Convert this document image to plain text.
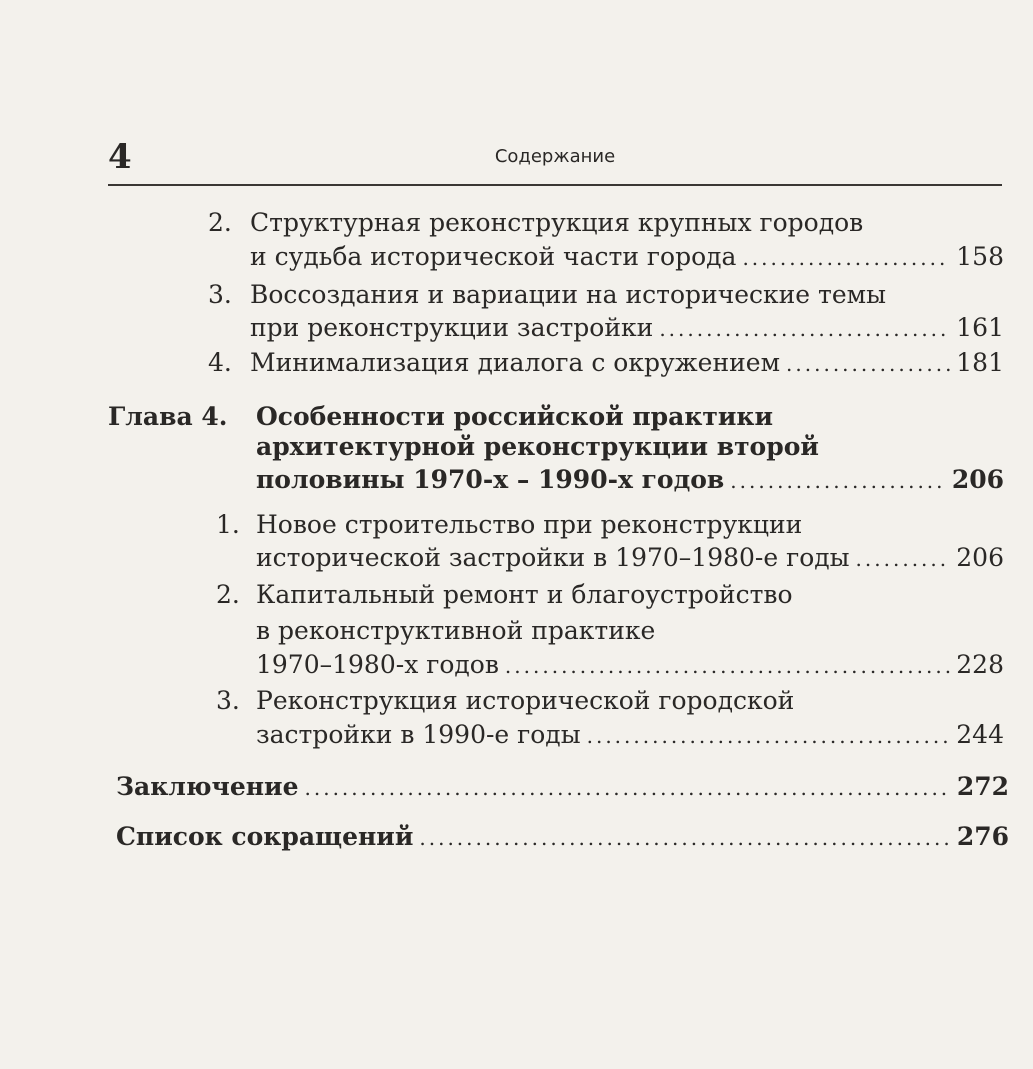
4	Содержание
2. Структурная реконструкция крупных городов
и судьба исторической части города .....	158
3. Воссоздания и вариации на исторические темы
при реконструкции застройки .....	161
4. Минимализация диалога с окружением .....	181
Глава 4.	Особенности российской практики
архитектурной реконструкции второй
половины 1970-х – 1990-х годов .....	206
1. Новое строительство при реконструкции
исторической застройки в 1970–1980-е годы .....	206
2. Капитальный ремонт и благоустройство
в реконструктивной практике
1970–1980-х годов .....	228
3. Реконструкция исторической городской
застройки в 1990-е годы .....	244
Заключение .....	272
Список сокращений .....	276
